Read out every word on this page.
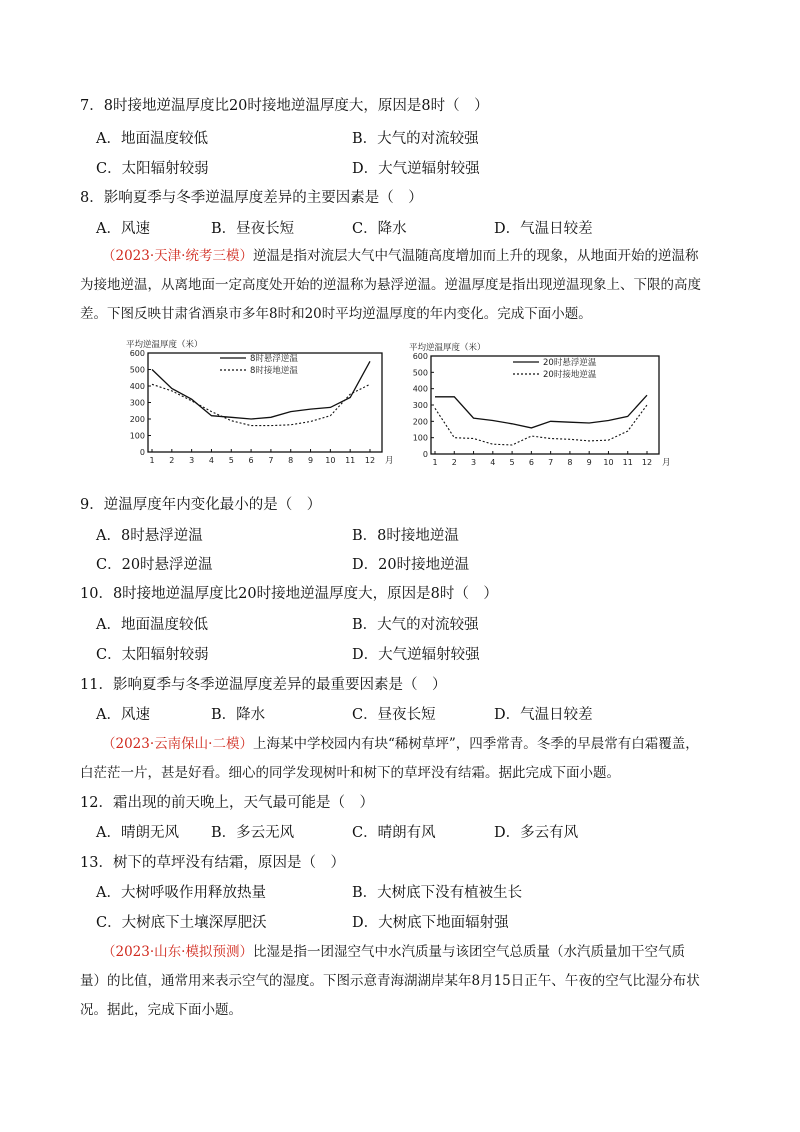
7．8时接地逆温厚度比20时接地逆温厚度大，原因是8时（　）
A．地面温度较低	B．大气的对流较强
C．太阳辐射较弱	D．大气逆辐射较强
8．影响夏季与冬季逆温厚度差异的主要因素是（　）
A．风速	B．昼夜长短	C．降水	D．气温日较差
（2023·天津·统考三模）逆温是指对流层大气中气温随高度增加而上升的现象，从地面开始的逆温称
为接地逆温，从离地面一定高度处开始的逆温称为悬浮逆温。逆温厚度是指出现逆温现象上、下限的高度
差。下图反映甘肃省酒泉市多年8时和20时平均逆温厚度的年内变化。完成下面小题。
平均逆温厚度（米）
0
100
200
300
400
500
600
1 2 3 4 5 6 7 8 9 10 11 12 月
8时悬浮逆温
8时接地逆温
平均逆温厚度（米）
0
100
200
300
400
500
600
1 2 3 4 5 6 7 8 9 10 11 12 月
20时悬浮逆温
20时接地逆温
9．逆温厚度年内变化最小的是（　）
A．8时悬浮逆温	B．8时接地逆温
C．20时悬浮逆温	D．20时接地逆温
10．8时接地逆温厚度比20时接地逆温厚度大，原因是8时（　）
A．地面温度较低	B．大气的对流较强
C．太阳辐射较弱	D．大气逆辐射较强
11．影响夏季与冬季逆温厚度差异的最重要因素是（　）
A．风速	B．降水	C．昼夜长短	D．气温日较差
（2023·云南保山·二模）上海某中学校园内有块“稀树草坪”，四季常青。冬季的早晨常有白霜覆盖，
白茫茫一片，甚是好看。细心的同学发现树叶和树下的草坪没有结霜。据此完成下面小题。
12．霜出现的前天晚上，天气最可能是（　）
A．晴朗无风 B．多云无风	C．晴朗有风	D．多云有风
13．树下的草坪没有结霜，原因是（　）
A．大树呼吸作用释放热量	B．大树底下没有植被生长
C．大树底下土壤深厚肥沃	D．大树底下地面辐射强
（2023·山东·模拟预测）比湿是指一团湿空气中水汽质量与该团空气总质量（水汽质量加干空气质
量）的比值，通常用来表示空气的湿度。下图示意青海湖湖岸某年8月15日正午、午夜的空气比湿分布状
况。据此，完成下面小题。
